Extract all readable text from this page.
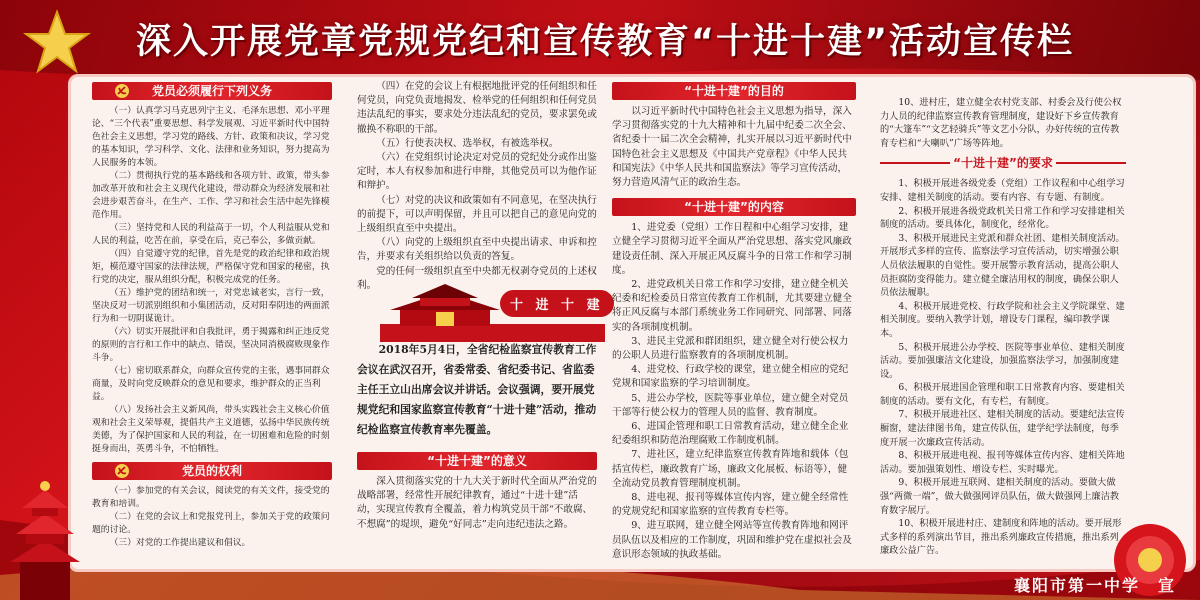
深入开展党章党规党纪和宣传教育“十进十建”活动宣传栏
党员必须履行下列义务

（一）认真学习马克思列宁主义、毛泽东思想、邓小平理论、“三个代表”重要思想、科学发展观、习近平新时代中国特色社会主义思想，学习党的路线、方针、政策和决议，学习党的基本知识，学习科学、文化、法律和业务知识，努力提高为人民服务的本领。

（二）贯彻执行党的基本路线和各项方针、政策，带头参加改革开放和社会主义现代化建设，带动群众为经济发展和社会进步艰苦奋斗，在生产、工作、学习和社会生活中起先锋模范作用。

（三）坚持党和人民的利益高于一切，个人利益服从党和人民的利益，吃苦在前，享受在后，克己奉公，多做贡献。

（四）自觉遵守党的纪律，首先是党的政治纪律和政治规矩，模范遵守国家的法律法规，严格保守党和国家的秘密，执行党的决定，服从组织分配，积极完成党的任务。

（五）维护党的团结和统一，对党忠诚老实，言行一致，坚决反对一切派别组织和小集团活动，反对阳奉阴违的两面派行为和一切阴谋诡计。

（六）切实开展批评和自我批评，勇于揭露和纠正违反党的原则的言行和工作中的缺点、错误，坚决同消极腐败现象作斗争。

（七）密切联系群众，向群众宣传党的主张，遇事同群众商量，及时向党反映群众的意见和要求，维护群众的正当利益。

（八）发扬社会主义新风尚，带头实践社会主义核心价值观和社会主义荣辱观，提倡共产主义道德，弘扬中华民族传统美德，为了保护国家和人民的利益，在一切困难和危险的时刻挺身而出，英勇斗争，不怕牺牲。

党员的权利

（一）参加党的有关会议，阅读党的有关文件，接受党的教育和培训。

（二）在党的会议上和党报党刊上，参加关于党的政策问题的讨论。

（三）对党的工作提出建议和倡议。

（四）在党的会议上有根据地批评党的任何组织和任何党员，向党负责地揭发、检举党的任何组织和任何党员违法乱纪的事实，要求处分违法乱纪的党员，要求罢免或撤换不称职的干部。

（五）行使表决权、选举权，有被选举权。

（六）在党组织讨论决定对党员的党纪处分或作出鉴定时，本人有权参加和进行申辩，其他党员可以为他作证和辩护。

（七）对党的决议和政策如有不同意见，在坚决执行的前提下，可以声明保留，并且可以把自己的意见向党的上级组织直至中央提出。

（八）向党的上级组织直至中央提出请求、申诉和控告，并要求有关组织给以负责的答复。

党的任何一级组织直至中央都无权剥夺党员的上述权利。

十 进 十 建
2018年5月4日，全省纪检监察宣传教育工作会议在武汉召开，省委常委、省纪委书记、省监委主任王立山出席会议并讲话。会议强调，要开展党规党纪和国家监察宣传教育“十进十建”活动，推动纪检监察宣传教育率先覆盖。
“十进十建”的意义

深入贯彻落实党的十九大关于新时代全面从严治党的战略部署，经常性开展纪律教育，通过“十进十建”活动，实现宣传教育全覆盖，着力构筑党员干部“不敢腐、不想腐”的堤坝，避免“好同志”走向违纪违法之路。

“十进十建”的目的

以习近平新时代中国特色社会主义思想为指导，深入学习贯彻落实党的十九大精神和十九届中纪委二次全会、省纪委十一届二次全会精神，扎实开展以习近平新时代中国特色社会主义思想及《中国共产党章程》《中华人民共和国宪法》《中华人民共和国监察法》等学习宣传活动，努力营造风清气正的政治生态。

“十进十建”的内容

1、进党委（党组）工作日程和中心组学习安排，建立健全学习贯彻习近平全面从严治党思想、落实党风廉政建设责任制、深入开展正风反腐斗争的日常工作和学习制度。

2、进党政机关日常工作和学习安排，建立健全机关纪委和纪检委员日常宣传教育工作机制，尤其要建立健全将正风反腐与本部门系统业务工作同研究、同部署、同落实的各项制度机制。

3、进民主党派和群团组织，建立健全对行使公权力的公职人员进行监察教育的各项制度机制。

4、进党校、行政学校的课堂，建立健全相应的党纪党规和国家监察的学习培训制度。

5、进公办学校，医院等事业单位，建立健全对党员干部等行使公权力的管理人员的监督、教育制度。

6、进国企管理和职工日常教育活动，建立健全企业纪委组织和防范治理腐败工作制度机制。

7、进社区，建立纪律监察宣传教育阵地和载体（包括宣传栏，廉政教育广场，廉政文化展板、标语等），健全流动党员教育管理制度机制。

8、进电视、报刊等媒体宣传内容，建立健全经常性的党规党纪和国家监察的宣传教育专栏等。

9、进互联网，建立健全网站等宣传教育阵地和网评员队伍以及相应的工作制度，巩固和维护党在虚拟社会及意识形态领域的执政基础。

10、进村庄，建立健全农村党支部、村委会及行使公权力人员的纪律监察宣传教育管理制度，建设好下乡宣传教育的“大篷车”“文艺轻骑兵”等文艺小分队，办好传统的宣传教育专栏和“大喇叭”广场等阵地。

“十进十建”的要求

1、积极开展进各级党委（党组）工作议程和中心组学习安排、建相关制度的活动。要有内容、有专题、有制度。

2、积极开展进各级党政机关日常工作和学习安排建相关制度的活动。要具体化，制度化，经常化。

3、积极开展进民主党派和群众社团、建相关制度活动。开展形式多样的宣传、监察法学习宣传活动，切实增强公职人员依法履职的自觉性。要开展警示教育活动，提高公职人员拒腐防变得能力。建立健全廉洁用权的制度，确保公职人员依法履职。

4、积极开展进党校、行政学院和社会主义学院课堂、建相关制度。要纳入教学计划，增设专门课程，编印教学课本。

5、积极开展进公办学校、医院等事业单位、建相关制度活动。要加强廉洁文化建设，加强监察法学习，加强制度建设。

6、积极开展进国企管理和职工日常教育内容、要建相关制度的活动。要有文化，有专栏，有制度。

7、积极开展进社区、建相关制度的活动。要建纪法宣传橱窗，建法律图书角，建宣传队伍，建学纪学法制度，每季度开展一次廉政宣传活动。

8、积极开展进电视、报刊等媒体宣传内容、建相关阵地活动。要加强策划性、增设专栏、实时曝光。

9、积极开展进互联网、建相关制度的活动。要做大做强“两微一端”，做大做强网评员队伍，做大做强网上廉洁教育数字展厅。

10、积极开展进村庄、建制度和阵地的活动。要开展形式多样的系列演出节目，推出系列廉政宣传措施，推出系列廉政公益广告。

襄阳市第一中学　宣
